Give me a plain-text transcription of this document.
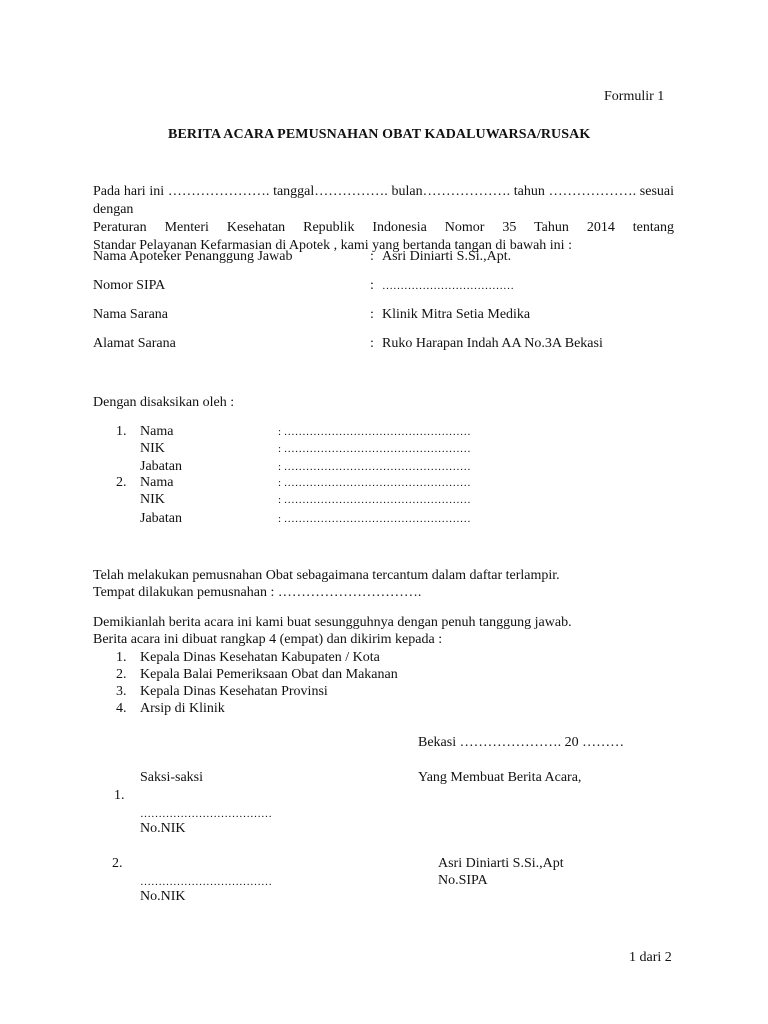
Formulir 1
BERITA ACARA PEMUSNAHAN OBAT KADALUWARSA/RUSAK
Pada hari ini …………………. tanggal……………. bulan………………. tahun ………………. sesuai dengan
Peraturan Menteri Kesehatan Republik Indonesia Nomor 35 Tahun 2014 tentang
Standar Pelayanan Kefarmasian di Apotek , kami yang bertanda tangan di bawah ini :
Nama Apoteker Penanggung Jawab	: Asri Diniarti S.Si.,Apt.
Nomor SIPA	: ………………………………
Nama Sarana	: Klinik Mitra Setia Medika
Alamat Sarana	: Ruko Harapan Indah AA No.3A Bekasi
Dengan disaksikan oleh :
1. Nama	: ……………………………………………
NIK	: ……………………………………………
Jabatan	: ……………………………………………
2. Nama	: ……………………………………………
NIK	: ……………………………………………
Jabatan	: ……………………………………………
Telah melakukan pemusnahan Obat sebagaimana tercantum dalam daftar terlampir.
Tempat dilakukan pemusnahan : ………………………….
Demikianlah berita acara ini kami buat sesungguhnya dengan penuh tanggung jawab.
Berita acara ini dibuat rangkap 4 (empat) dan dikirim kepada :
1. Kepala Dinas Kesehatan Kabupaten / Kota
2. Kepala Balai Pemeriksaan Obat dan Makanan
3. Kepala Dinas Kesehatan Provinsi
4. Arsip di Klinik
Bekasi …………………. 20 ………
Saksi-saksi	Yang Membuat Berita Acara,
1.
………………………………
No.NIK
2.
………………………………
No.NIK
Asri Diniarti S.Si.,Apt
No.SIPA
1 dari 2
